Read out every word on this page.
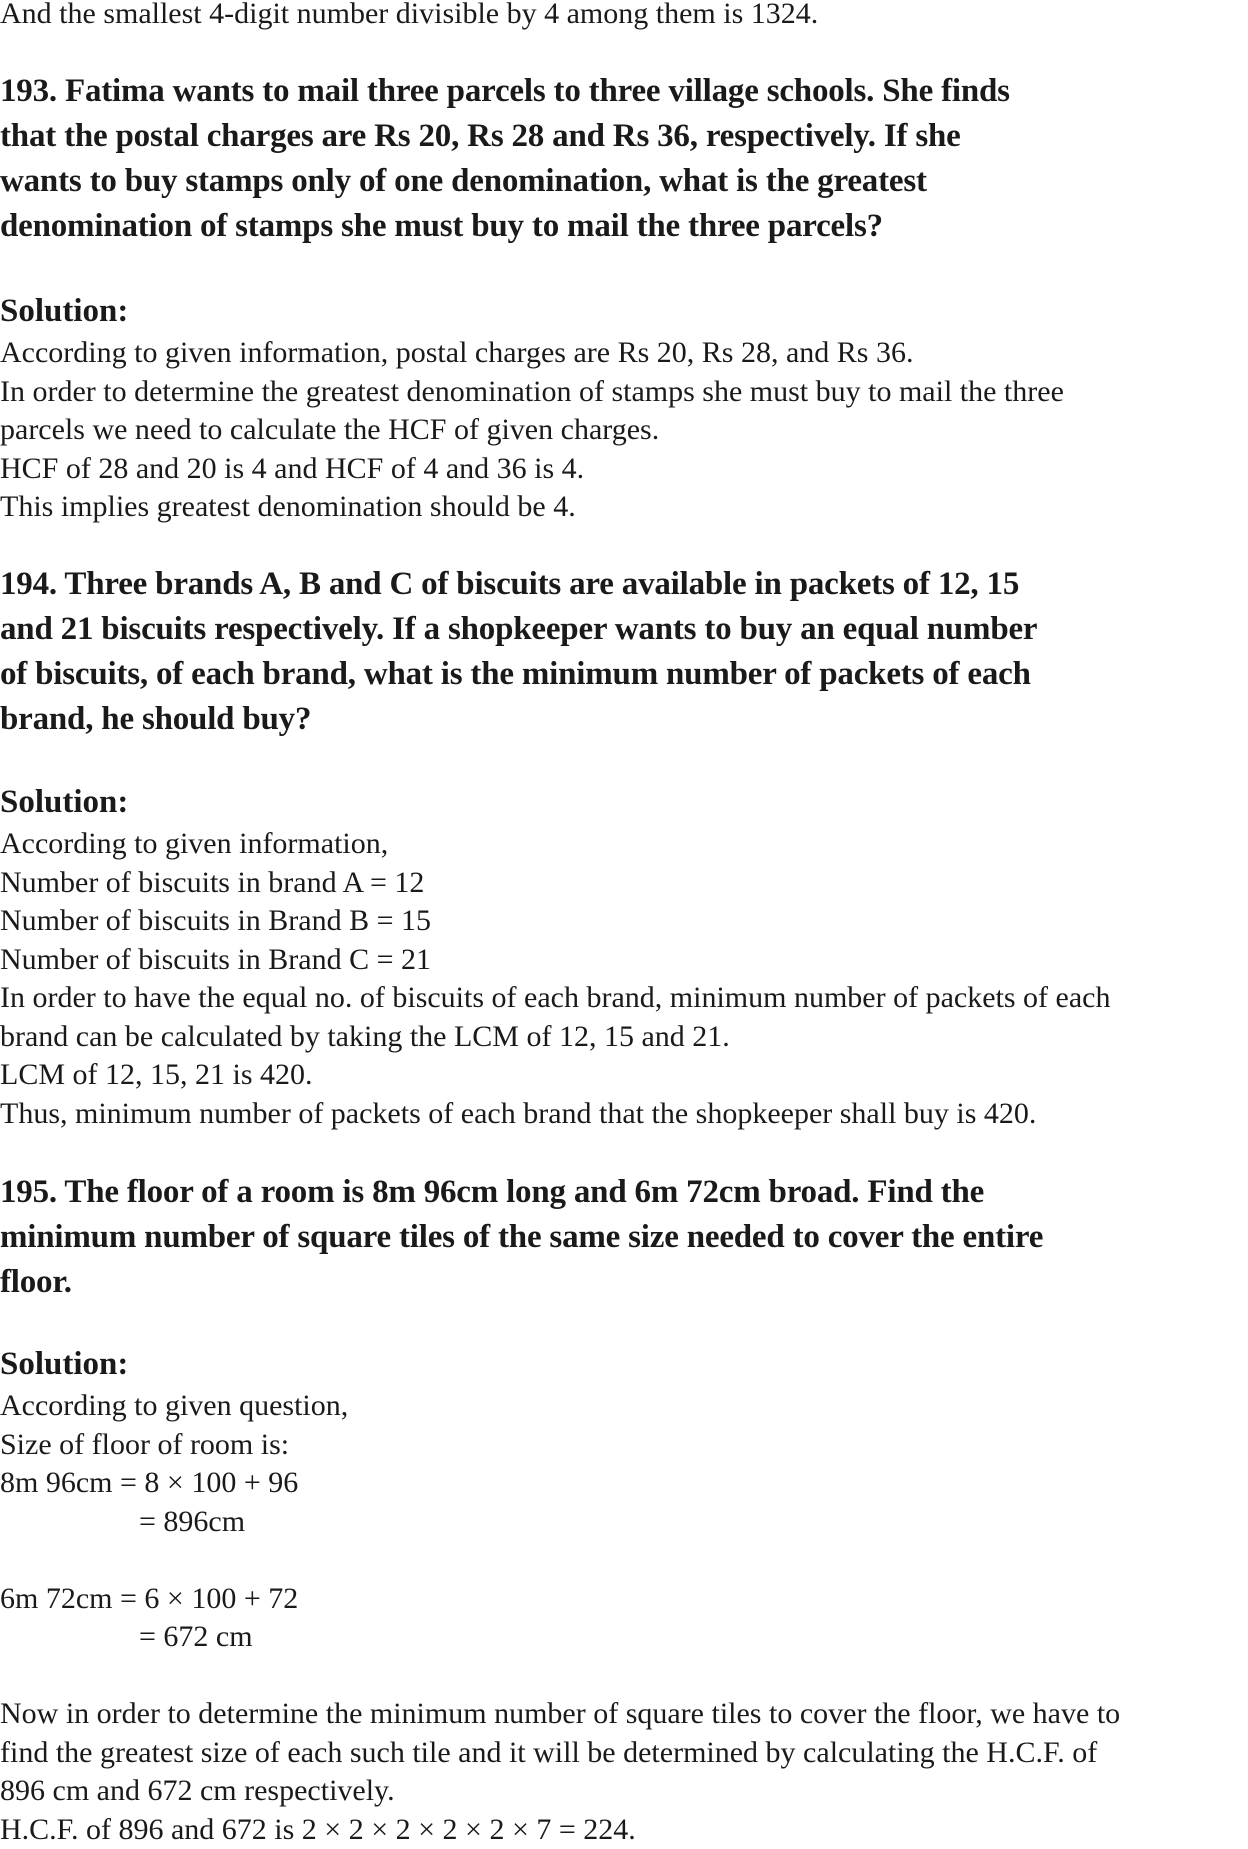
And the smallest 4-digit number divisible by 4 among them is 1324.
193. Fatima wants to mail three parcels to three village schools. She finds
that the postal charges are Rs 20, Rs 28 and Rs 36, respectively. If she
wants to buy stamps only of one denomination, what is the greatest
denomination of stamps she must buy to mail the three parcels?
Solution:
According to given information, postal charges are Rs 20, Rs 28, and Rs 36.
In order to determine the greatest denomination of stamps she must buy to mail the three
parcels we need to calculate the HCF of given charges.
HCF of 28 and 20 is 4 and HCF of 4 and 36 is 4.
This implies greatest denomination should be 4.
194. Three brands A, B and C of biscuits are available in packets of 12, 15
and 21 biscuits respectively. If a shopkeeper wants to buy an equal number
of biscuits, of each brand, what is the minimum number of packets of each
brand, he should buy?
Solution:
According to given information,
Number of biscuits in brand A = 12
Number of biscuits in Brand B = 15
Number of biscuits in Brand C = 21
In order to have the equal no. of biscuits of each brand, minimum number of packets of each
brand can be calculated by taking the LCM of 12, 15 and 21.
LCM of 12, 15, 21 is 420.
Thus, minimum number of packets of each brand that the shopkeeper shall buy is 420.
195. The floor of a room is 8m 96cm long and 6m 72cm broad. Find the
minimum number of square tiles of the same size needed to cover the entire
floor.
Solution:
According to given question,
Size of floor of room is:
8m 96cm = 8 × 100 + 96
= 896cm
6m 72cm = 6 × 100 + 72
= 672 cm
Now in order to determine the minimum number of square tiles to cover the floor, we have to
find the greatest size of each such tile and it will be determined by calculating the H.C.F. of
896 cm and 672 cm respectively.
H.C.F. of 896 and 672 is 2 × 2 × 2 × 2 × 2 × 7 = 224.
